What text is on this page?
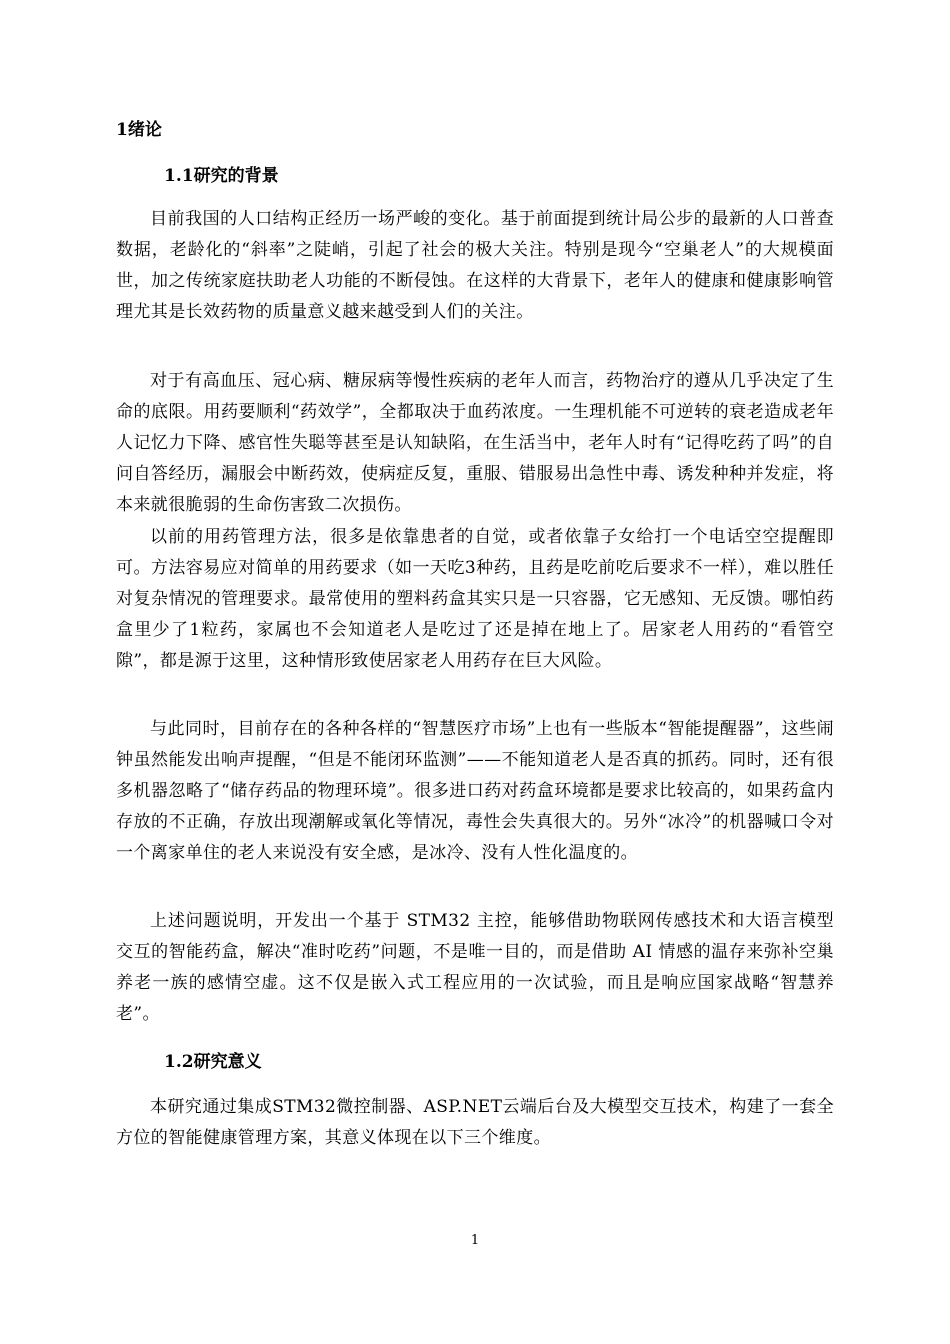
1绪论
1.1研究的背景

目前我国的人口结构正经历一场严峻的变化。基于前面提到统计局公步的最新的人口普查数据，老龄化的“斜率”之陡峭，引起了社会的极大关注。特别是现今“空巢老人”的大规模面世，加之传统家庭扶助老人功能的不断侵蚀。在这样的大背景下，老年人的健康和健康影响管理尤其是长效药物的质量意义越来越受到人们的关注。

对于有高血压、冠心病、糖尿病等慢性疾病的老年人而言，药物治疗的遵从几乎决定了生命的底限。用药要顺利“药效学”，全都取决于血药浓度。一生理机能不可逆转的衰老造成老年人记忆力下降、感官性失聪等甚至是认知缺陷，在生活当中，老年人时有“记得吃药了吗”的自问自答经历，漏服会中断药效，使病症反复，重服、错服易出急性中毒、诱发种种并发症，将本来就很脆弱的生命伤害致二次损伤。

以前的用药管理方法，很多是依靠患者的自觉，或者依靠子女给打一个电话空空提醒即可。方法容易应对简单的用药要求（如一天吃3种药，且药是吃前吃后要求不一样），难以胜任对复杂情况的管理要求。最常使用的塑料药盒其实只是一只容器，它无感知、无反馈。哪怕药盒里少了1粒药，家属也不会知道老人是吃过了还是掉在地上了。居家老人用药的“看管空隙”，都是源于这里，这种情形致使居家老人用药存在巨大风险。

与此同时，目前存在的各种各样的“智慧医疗市场”上也有一些版本“智能提醒器”，这些闹钟虽然能发出响声提醒，“但是不能闭环监测”——不能知道老人是否真的抓药。同时，还有很多机器忽略了“储存药品的物理环境”。很多进口药对药盒环境都是要求比较高的，如果药盒内存放的不正确，存放出现潮解或氧化等情况，毒性会失真很大的。另外“冰冷”的机器喊口令对一个离家单住的老人来说没有安全感，是冰冷、没有人性化温度的。

上述问题说明，开发出一个基于 STM32 主控，能够借助物联网传感技术和大语言模型交互的智能药盒，解决“准时吃药”问题，不是唯一目的，而是借助 AI 情感的温存来弥补空巢养老一族的感情空虚。这不仅是嵌入式工程应用的一次试验，而且是响应国家战略“智慧养老”。

1.2研究意义

本研究通过集成STM32微控制器、ASP.NET云端后台及大模型交互技术，构建了一套全方位的智能健康管理方案，其意义体现在以下三个维度。

1
